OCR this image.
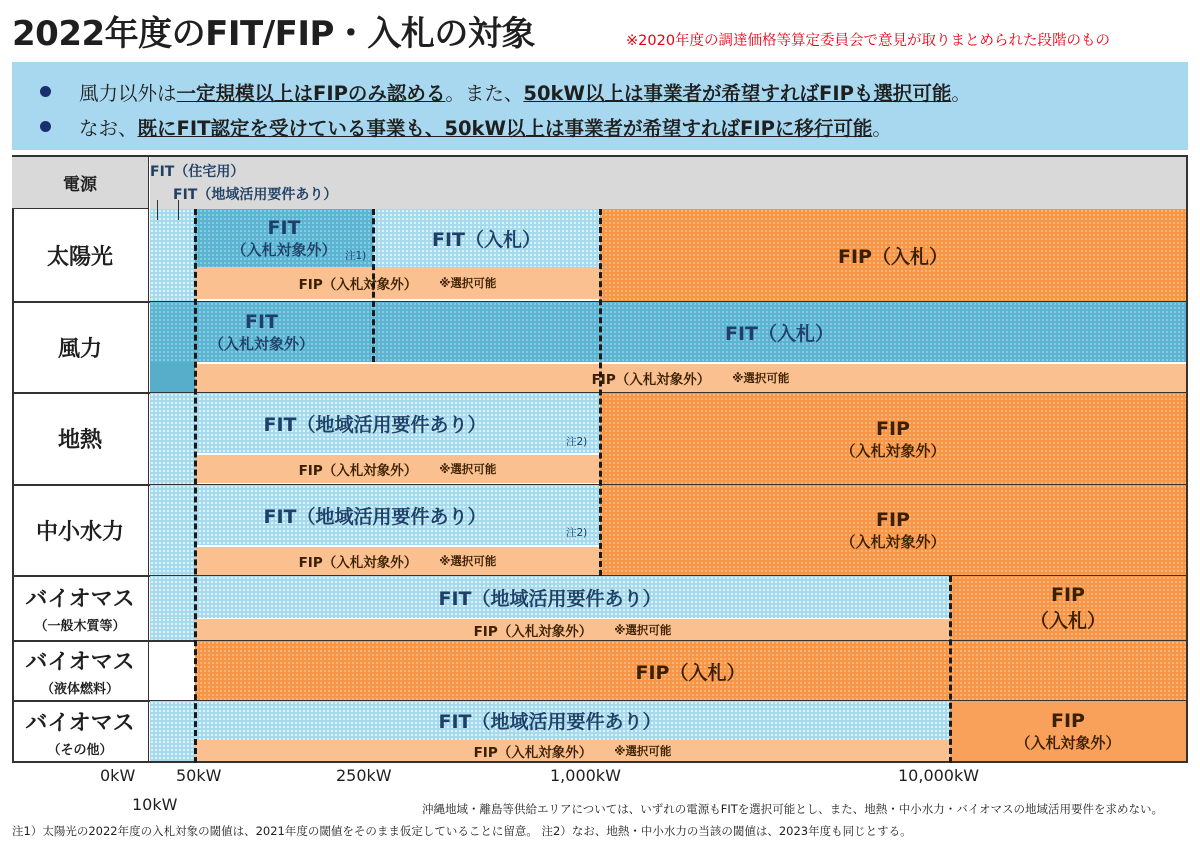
2022年度のFIT/FIP・入札の対象	※2020年度の調達価格等算定委員会で意見が取りまとめられた段階のもの
風力以外は一定規模以上はFIPのみ認める。また、50kW以上は事業者が希望すればFIPも選択可能。
なお、既にFIT認定を受けている事業も、50kW以上は事業者が希望すればFIPに移行可能。
電源
FIT（住宅用）
FIT（地域活用要件あり）
太陽光
FIT
（入札対象外） 注1)
FIT（入札）
FIP（入札）
FIP（入札対象外） ※選択可能
風力
FIT
（入札対象外）	FIT（入札）
FIP（入札対象外） ※選択可能
地熱
FIT（地域活用要件あり）
注2)
FIP（入札対象外） ※選択可能
FIP
（入札対象外）
中小水力
FIT（地域活用要件あり）
注2)
FIP（入札対象外） ※選択可能
FIP
（入札対象外）
バイオマス
（一般木質等）
FIT（地域活用要件あり）
FIP（入札対象外） ※選択可能
FIP
（入札）
バイオマス
（液体燃料）
FIP（入札）
バイオマス
（その他）
FIT（地域活用要件あり）
FIP（入札対象外） ※選択可能
FIP
（入札対象外）
0kW	50kW	250kW	1,000kW	10,000kW
10kW	沖縄地域・離島等供給エリアについては、いずれの電源もFITを選択可能とし、また、地熱・中小水力・バイオマスの地域活用要件を求めない。
注1）太陽光の2022年度の入札対象の閾値は、2021年度の閾値をそのまま仮定していることに留意。 注2）なお、地熱・中小水力の当該の閾値は、2023年度も同じとする。
